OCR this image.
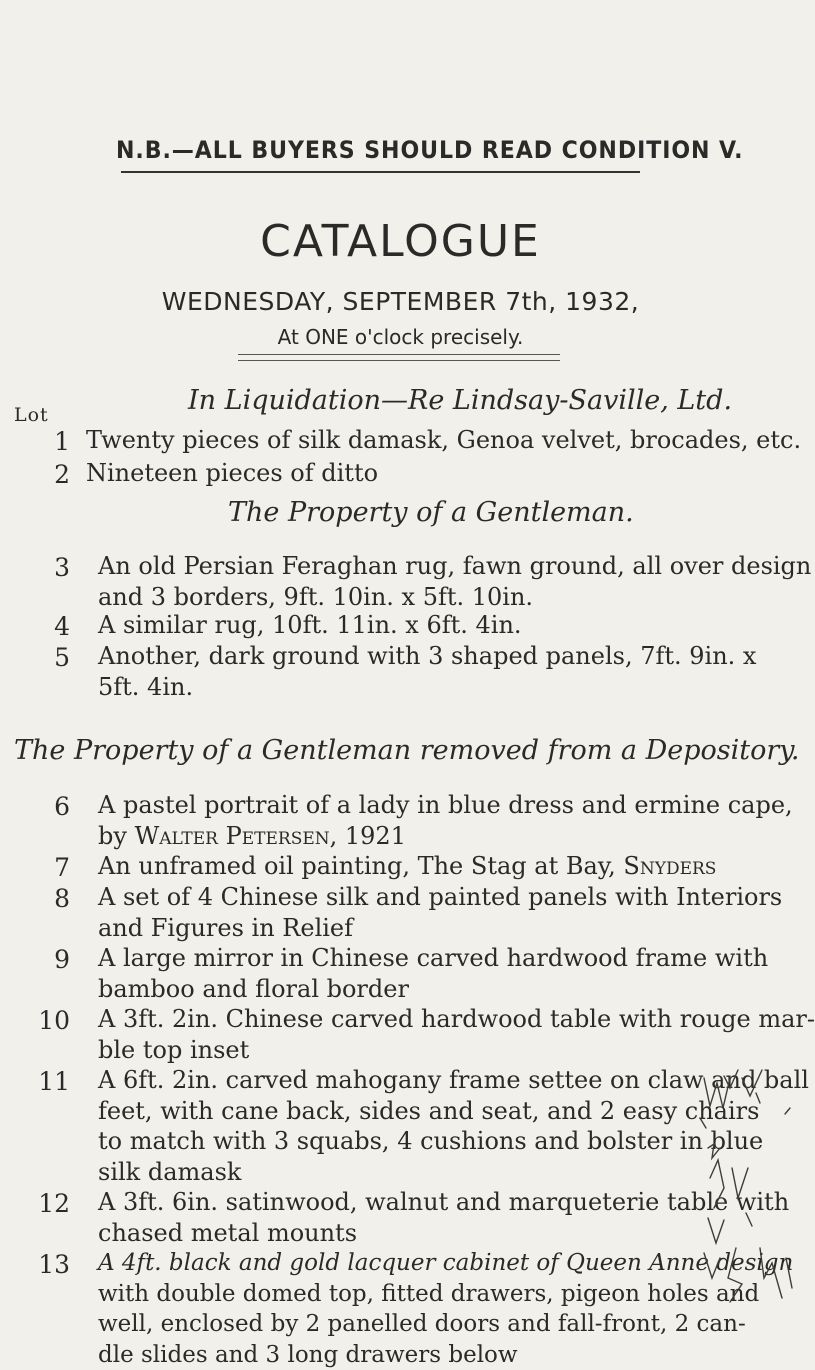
N.B.—ALL BUYERS SHOULD READ CONDITION V.
CATALOGUE
WEDNESDAY, SEPTEMBER 7th, 1932,
At ONE o'clock precisely.
In Liquidation—Re Lindsay-Saville, Ltd.
Lot
1 Twenty pieces of silk damask, Genoa velvet, brocades, etc.
2 Nineteen pieces of ditto
The Property of a Gentleman.
3 An old Persian Feraghan rug, fawn ground, all over design
and 3 borders, 9ft. 10in. x 5ft. 10in.
4 A similar rug, 10ft. 11in. x 6ft. 4in.
5 Another, dark ground with 3 shaped panels, 7ft. 9in. x
5ft. 4in.
The Property of a Gentleman removed from a Depository.
6 A pastel portrait of a lady in blue dress and ermine cape,
by Walter Petersen, 1921
7 An unframed oil painting, The Stag at Bay, Snyders
8 A set of 4 Chinese silk and painted panels with Interiors
and Figures in Relief
9 A large mirror in Chinese carved hardwood frame with
bamboo and floral border
10 A 3ft. 2in. Chinese carved hardwood table with rouge mar-
ble top inset
11 A 6ft. 2in. carved mahogany frame settee on claw and ball
feet, with cane back, sides and seat, and 2 easy chairs
to match with 3 squabs, 4 cushions and bolster in blue
silk damask
12 A 3ft. 6in. satinwood, walnut and marqueterie table with
chased metal mounts
13 A 4ft. black and gold lacquer cabinet of Queen Anne design
with double domed top, fitted drawers, pigeon holes and
well, enclosed by 2 panelled doors and fall-front, 2 can-
dle slides and 3 long drawers below
